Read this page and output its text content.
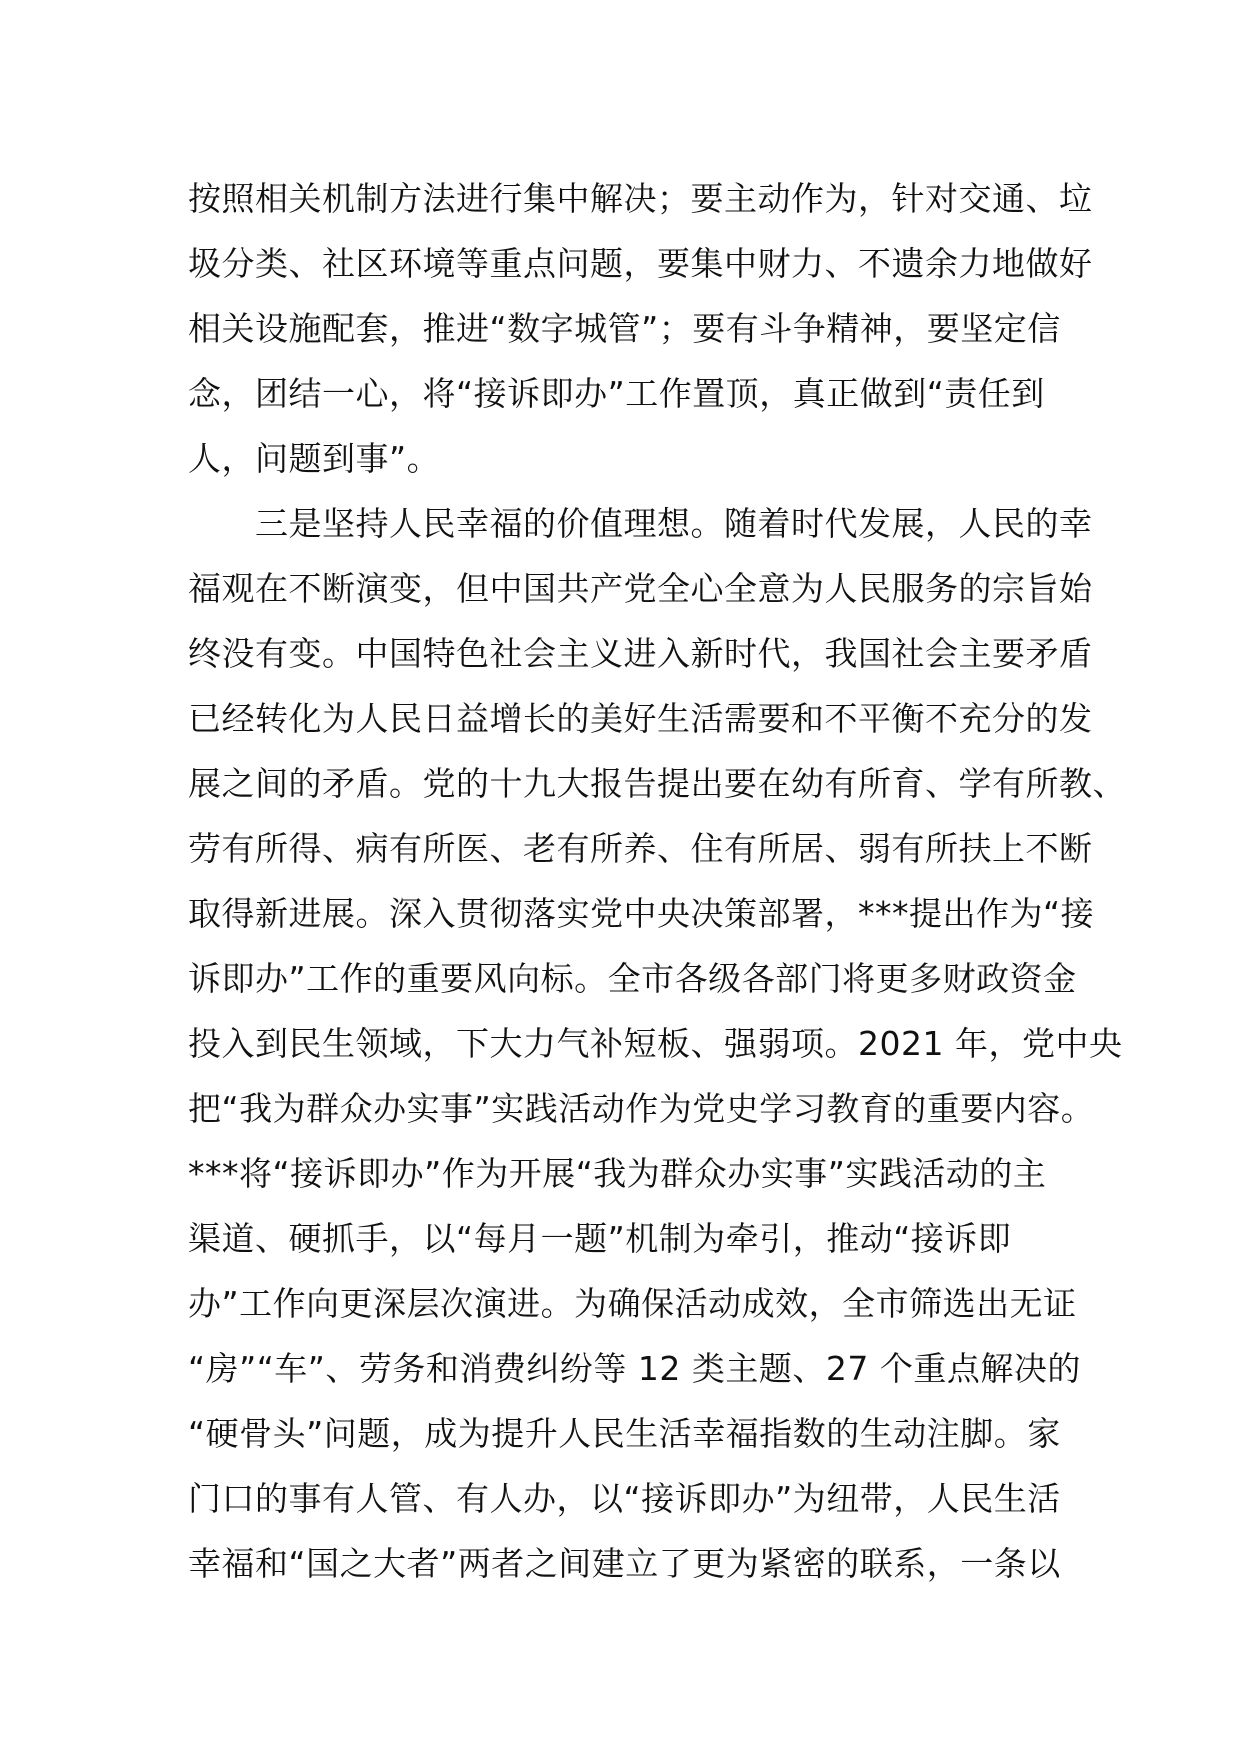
按照相关机制方法进行集中解决；要主动作为，针对交通、垃
圾分类、社区环境等重点问题，要集中财力、不遗余力地做好
相关设施配套，推进“数字城管”；要有斗争精神，要坚定信
念，团结一心，将“接诉即办”工作置顶，真正做到“责任到
人，问题到事”。
　　三是坚持人民幸福的价值理想。随着时代发展，人民的幸
福观在不断演变，但中国共产党全心全意为人民服务的宗旨始
终没有变。中国特色社会主义进入新时代，我国社会主要矛盾
已经转化为人民日益增长的美好生活需要和不平衡不充分的发
展之间的矛盾。党的十九大报告提出要在幼有所育、学有所教、
劳有所得、病有所医、老有所养、住有所居、弱有所扶上不断
取得新进展。深入贯彻落实党中央决策部署，***提出作为“接
诉即办”工作的重要风向标。全市各级各部门将更多财政资金
投入到民生领域，下大力气补短板、强弱项。2021 年，党中央
把“我为群众办实事”实践活动作为党史学习教育的重要内容。
***将“接诉即办”作为开展“我为群众办实事”实践活动的主
渠道、硬抓手，以“每月一题”机制为牵引，推动“接诉即
办”工作向更深层次演进。为确保活动成效，全市筛选出无证
“房”“车”、劳务和消费纠纷等 12 类主题、27 个重点解决的
“硬骨头”问题，成为提升人民生活幸福指数的生动注脚。家
门口的事有人管、有人办，以“接诉即办”为纽带，人民生活
幸福和“国之大者”两者之间建立了更为紧密的联系，一条以
